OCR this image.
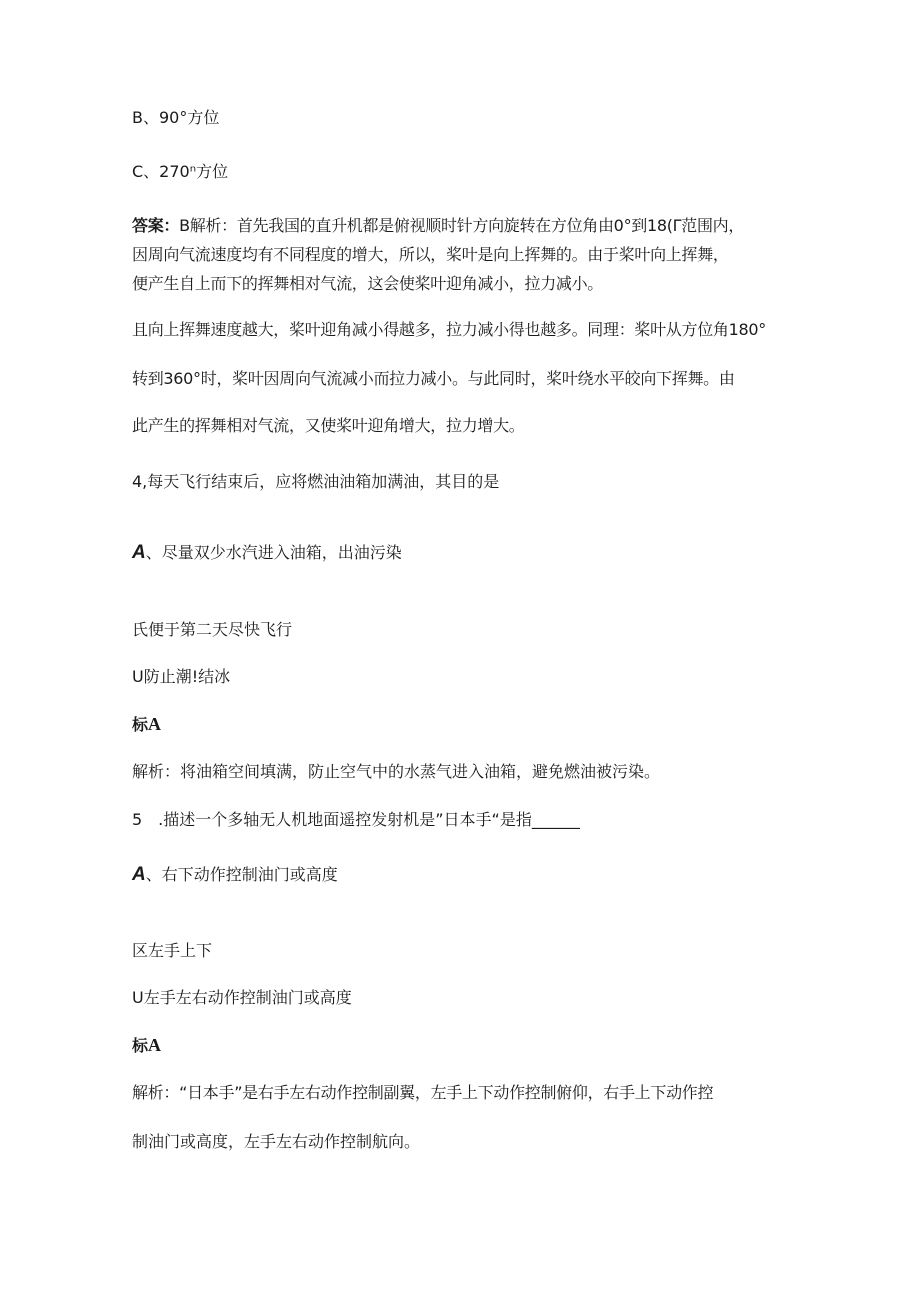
B、90°方位
C、270ⁿ方位
答案：B解析：首先我国的直升机都是俯视顺时针方向旋转在方位角由0°到18(Γ范围内，
因周向气流速度均有不同程度的增大，所以，桨叶是向上挥舞的。由于桨叶向上挥舞，
便产生自上而下的挥舞相对气流，这会使桨叶迎角减小，拉力减小。
且向上挥舞速度越大，桨叶迎角减小得越多，拉力减小得也越多。同理：桨叶从方位角180°
转到360°时，桨叶因周向气流减小而拉力减小。与此同时，桨叶绕水平皎向下挥舞。由
此产生的挥舞相对气流，又使桨叶迎角增大，拉力增大。
4,每天飞行结束后，应将燃油油箱加满油，其目的是
A、尽量双少水汽进入油箱，出油污染
氏便于第二天尽快飞行
U防止潮!结冰
标A
解析：将油箱空间填满，防止空气中的水蒸气进入油箱，避免燃油被污染。
5　.描述一个多轴无人机地面遥控发射机是”日本手“是指______
A、右下动作控制油门或高度
区左手上下
U左手左右动作控制油门或高度
标A
解析：“日本手”是右手左右动作控制副翼，左手上下动作控制俯仰，右手上下动作控
制油门或高度，左手左右动作控制航向。
